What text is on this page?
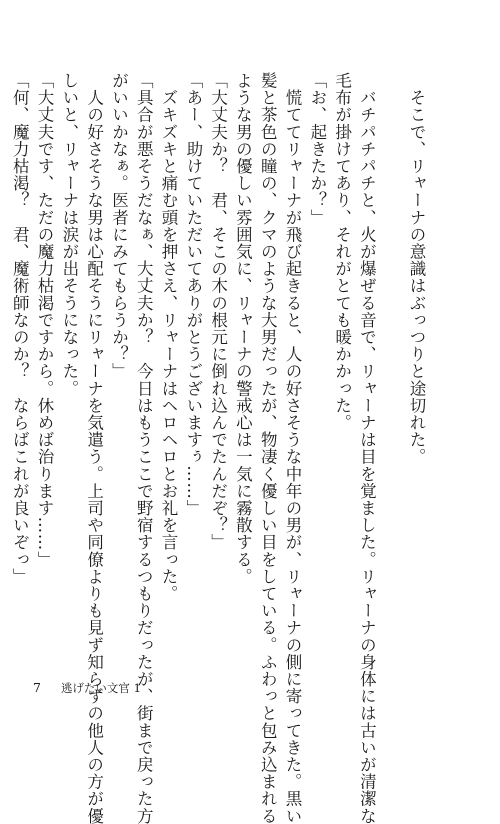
　そこで、リャーナの意識はぶっつりと途切れた。

　バチパチパチと、火が爆ぜる音で、リャーナは目を覚ました。リャーナの身体には古いが清潔な

毛布が掛けてあり、それがとても暖かかった。

「お、起きたか？」

　慌ててリャーナが飛び起きると、人の好さそうな中年の男が、リャーナの側に寄ってきた。黒い

髪と茶色の瞳の、クマのような大男だったが、物凄く優しい目をしている。ふわっと包み込まれる

ような男の優しい雰囲気に、リャーナの警戒心は一気に霧散する。

「大丈夫か？　君、そこの木の根元に倒れ込んでたんだぞ？」

「あー、助けていただいてありがとうございますぅ……」

　ズキズキと痛む頭を押さえ、リャーナはヘロヘロとお礼を言った。

「具合が悪そうだなぁ、大丈夫か？　今日はもうここで野宿するつもりだったが、街まで戻った方

がいいかなぁ。医者にみてもらうか？」

　人の好さそうな男は心配そうにリャーナを気遣う。上司や同僚よりも見ず知らずの他人の方が優

しいと、リャーナは涙が出そうになった。

「大丈夫です、ただの魔力枯渇ですから。休めば治ります……」

「何、魔力枯渇？　君、魔術師なのか？　ならばこれが良いぞっ」

7 逃げたい文官 1
